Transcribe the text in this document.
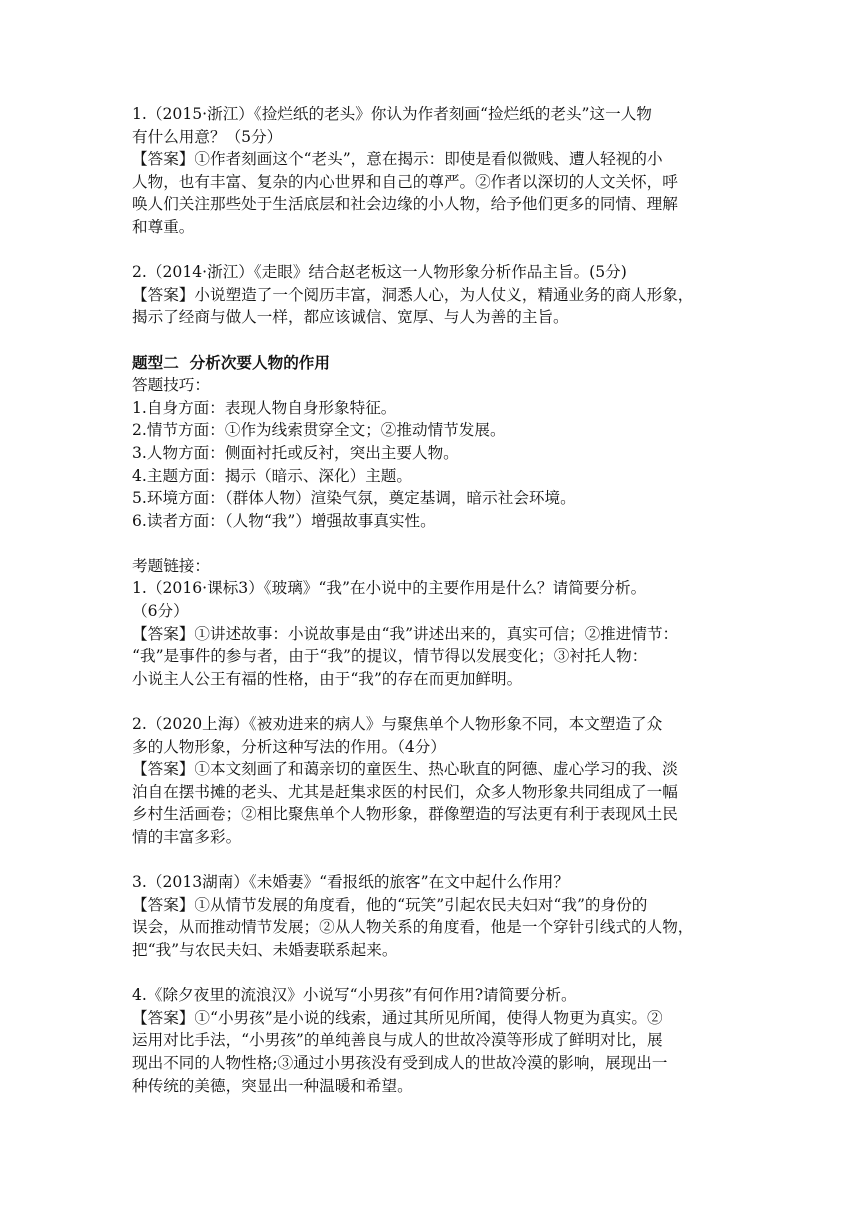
1.（2015·浙江）《捡烂纸的老头》你认为作者刻画“捡烂纸的老头”这一人物
有什么用意？（5分）
【答案】①作者刻画这个“老头”，意在揭示：即使是看似微贱、遭人轻视的小
人物，也有丰富、复杂的内心世界和自己的尊严。②作者以深切的人文关怀，呼
唤人们关注那些处于生活底层和社会边缘的小人物，给予他们更多的同情、理解
和尊重。
2.（2014·浙江）《走眼》结合赵老板这一人物形象分析作品主旨。(5分)
【答案】小说塑造了一个阅历丰富，洞悉人心，为人仗义，精通业务的商人形象，
揭示了经商与做人一样，都应该诚信、宽厚、与人为善的主旨。
题型二  分析次要人物的作用
答题技巧：
1.自身方面：表现人物自身形象特征。
2.情节方面：①作为线索贯穿全文；②推动情节发展。
3.人物方面：侧面衬托或反衬，突出主要人物。
4.主题方面：揭示（暗示、深化）主题。
5.环境方面：（群体人物）渲染气氛，奠定基调，暗示社会环境。
6.读者方面：（人物“我”）增强故事真实性。
考题链接：
1.（2016·课标3）《玻璃》“我”在小说中的主要作用是什么？请简要分析。
（6分）
【答案】①讲述故事：小说故事是由“我”讲述出来的，真实可信；②推进情节：
“我”是事件的参与者，由于“我”的提议，情节得以发展变化；③衬托人物：
小说主人公王有福的性格，由于“我”的存在而更加鲜明。
2.（2020上海）《被劝进来的病人》与聚焦单个人物形象不同，本文塑造了众
多的人物形象，分析这种写法的作用。（4分）
【答案】①本文刻画了和蔼亲切的童医生、热心耿直的阿德、虚心学习的我、淡
泊自在摆书摊的老头、尤其是赶集求医的村民们，众多人物形象共同组成了一幅
乡村生活画卷；②相比聚焦单个人物形象，群像塑造的写法更有利于表现风土民
情的丰富多彩。
3.（2013湖南）《未婚妻》“看报纸的旅客”在文中起什么作用？
【答案】①从情节发展的角度看，他的“玩笑”引起农民夫妇对“我”的身份的
误会，从而推动情节发展；②从人物关系的角度看，他是一个穿针引线式的人物，
把“我”与农民夫妇、未婚妻联系起来。
4.《除夕夜里的流浪汉》小说写“小男孩”有何作用?请简要分析。
【答案】①“小男孩”是小说的线索，通过其所见所闻，使得人物更为真实。②
运用对比手法，“小男孩”的单纯善良与成人的世故冷漠等形成了鲜明对比，展
现出不同的人物性格;③通过小男孩没有受到成人的世故冷漠的影响，展现出一
种传统的美德，突显出一种温暖和希望。
